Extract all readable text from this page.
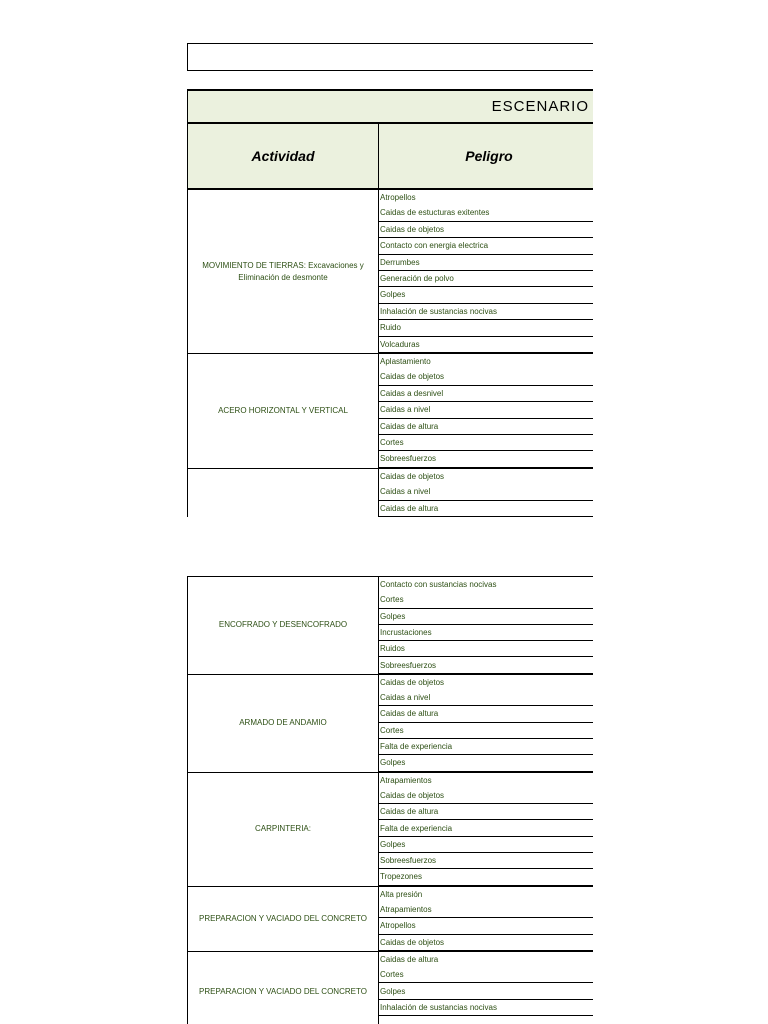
ESCENARIO
Actividad	Peligro
MOVIMIENTO DE TIERRAS: Excavaciones y Eliminación de desmonte
Atropellos
Caidas de estucturas exitentes
Caidas de objetos
Contacto con energia electrica
Derrumbes
Generación de polvo
Golpes
Inhalación de sustancias nocivas
Ruido
Volcaduras
ACERO HORIZONTAL Y VERTICAL
Aplastamiento
Caidas de objetos
Caidas a desnivel
Caidas a nivel
Caidas de altura
Cortes
Sobreesfuerzos
Caidas de objetos
Caidas a nivel
Caidas de altura
ENCOFRADO Y DESENCOFRADO
Contacto con sustancias nocivas
Cortes
Golpes
Incrustaciones
Ruidos
Sobreesfuerzos
ARMADO DE ANDAMIO
Caidas de objetos
Caidas a nivel
Caidas de altura
Cortes
Falta de experiencia
Golpes
CARPINTERIA:
Atrapamientos
Caidas de objetos
Caidas de altura
Falta de experiencia
Golpes
Sobreesfuerzos
Tropezones
PREPARACION Y VACIADO DEL CONCRETO
Alta presión
Atrapamientos
Atropellos
Caidas de objetos
PREPARACION Y VACIADO DEL CONCRETO
Caidas de altura
Cortes
Golpes
Inhalación de sustancias nocivas
